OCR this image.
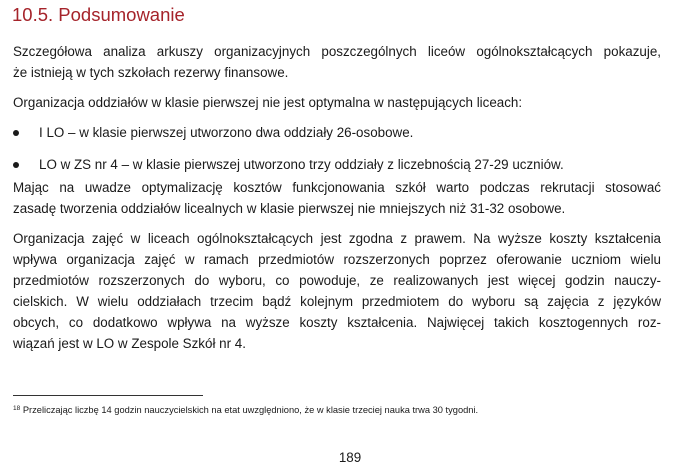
10.5. Podsumowanie

Szczegółowa analiza arkuszy organizacyjnych poszczególnych liceów ogólnokształcących pokazuje,
że istnieją w tych szkołach rezerwy finansowe.

Organizacja oddziałów w klasie pierwszej nie jest optymalna w następujących liceach:

I LO – w klasie pierwszej utworzono dwa oddziały 26-osobowe.
LO w ZS nr 4 – w klasie pierwszej utworzono trzy oddziały z liczebnością 27-29 uczniów.

Mając na uwadze optymalizację kosztów funkcjonowania szkół warto podczas rekrutacji stosować
zasadę tworzenia oddziałów licealnych w klasie pierwszej nie mniejszych niż 31-32 osobowe.

Organizacja zajęć w liceach ogólnokształcących jest zgodna z prawem. Na wyższe koszty kształcenia
wpływa organizacja zajęć w ramach przedmiotów rozszerzonych poprzez oferowanie uczniom wielu
przedmiotów rozszerzonych do wyboru, co powoduje, ze realizowanych jest więcej godzin nauczy-
cielskich. W wielu oddziałach trzecim bądź kolejnym przedmiotem do wyboru są zajęcia z języków
obcych, co dodatkowo wpływa na wyższe koszty kształcenia. Najwięcej takich kosztogennych roz-
wiązań jest w LO w Zespole Szkół nr 4.

$^{18}$ Przeliczając liczbę 14 godzin nauczycielskich na etat uwzględniono, że w klasie trzeciej nauka trwa 30 tygodni.
189
